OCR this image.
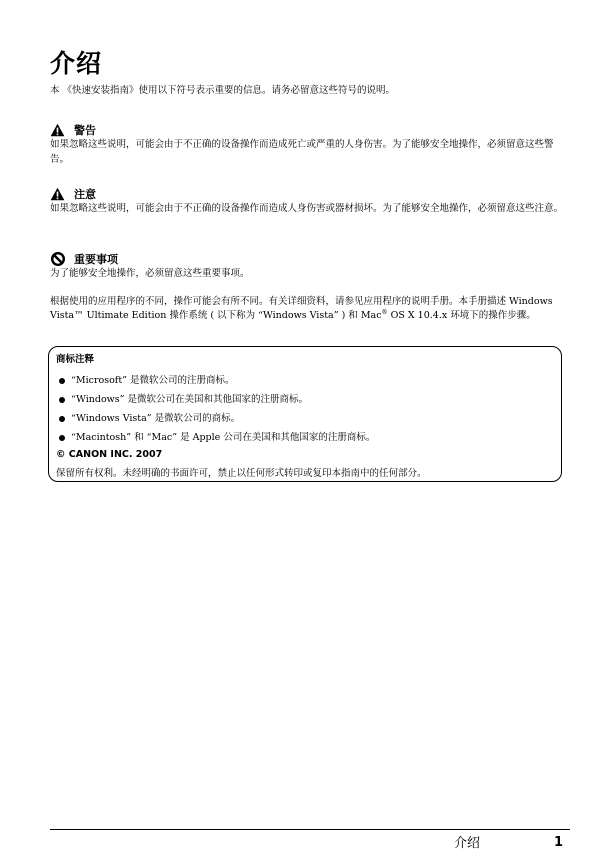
介绍

本 《快速安装指南》使用以下符号表示重要的信息。请务必留意这些符号的说明。

警告
如果忽略这些说明，可能会由于不正确的设备操作而造成死亡或严重的人身伤害。为了能够安全地操作，必须留意这些警告。
注意
如果忽略这些说明，可能会由于不正确的设备操作而造成人身伤害或器材损坏。为了能够安全地操作，必须留意这些注意。
重要事项
为了能够安全地操作，必须留意这些重要事项。

根据使用的应用程序的不同，操作可能会有所不同。有关详细资料，请参见应用程序的说明手册。本手册描述 Windows Vista™ Ultimate Edition 操作系统 ( 以下称为 “Windows Vista” ) 和 Mac® OS X 10.4.x 环境下的操作步骤。

商标注释
“Microsoft” 是微软公司的注册商标。
“Windows” 是微软公司在美国和其他国家的注册商标。
“Windows Vista” 是微软公司的商标。
“Macintosh” 和 “Mac” 是 Apple 公司在美国和其他国家的注册商标。
© CANON INC. 2007
保留所有权利。未经明确的书面许可，禁止以任何形式转印或复印本指南中的任何部分。
介绍	1
